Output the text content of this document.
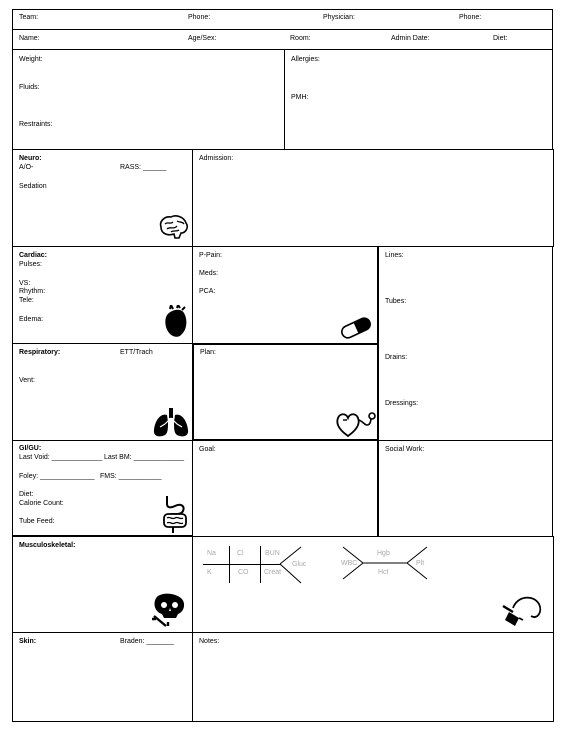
Team:	Phone:	Physician:	Phone:
Name:	Age/Sex:	Room:	Admin Date:	Diet:
Weight:
Fluids:
Restraints:
Allergies:
PMH:
Neuro:
A/O-	RASS: ______
Sedation
Admission:
Cardiac:
Pulses:
VS:
Rhythm:
Tele:
Edema:
P-Pain:
Meds:
PCA:
Lines:
Tubes:
Drains:
Dressings:
Respiratory:	ETT/Trach
Vent:
Plan:
GI/GU:
Last Void: _____________ Last BM: _____________
Foley: ______________ FMS: ___________
Diet:
Calorie Count:
Tube Feed:
Goal:	Social Work:
Musculoskeletal:
Na	Cl	BUN
Gluc
K	CO Creat
WBC
Hgb
Hct
Plt
Skin:	Braden: _______	Notes:
